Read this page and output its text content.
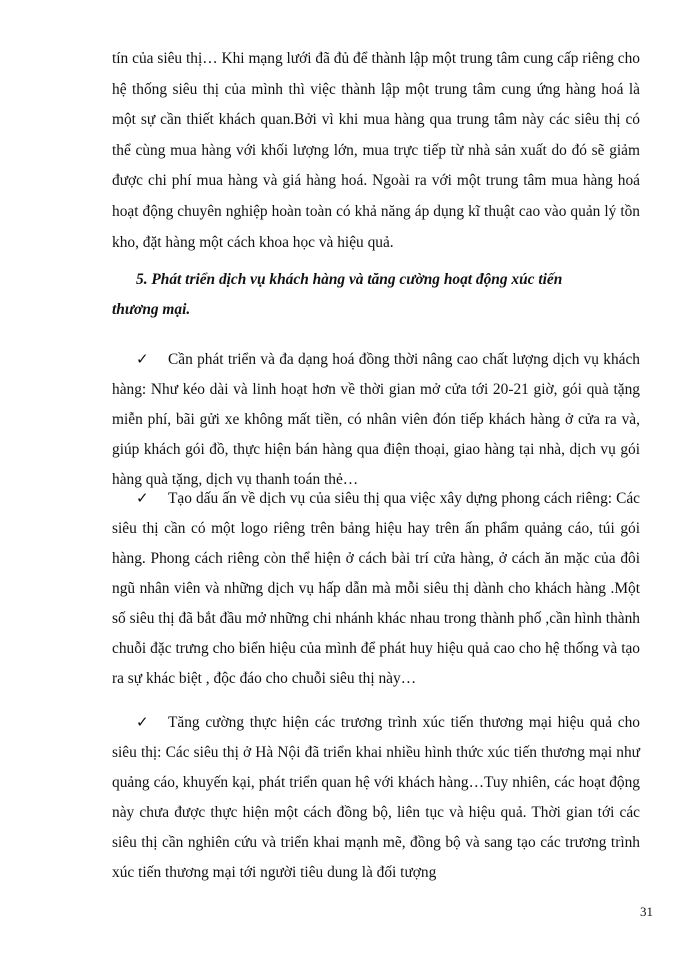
tín của siêu thị… Khi mạng lưới đã đủ để thành lập một trung tâm cung cấp riêng cho hệ thống siêu thị của mình thì việc thành lập một trung tâm cung ứng hàng hoá là một sự cần thiết khách quan.Bởi vì khi mua hàng qua trung tâm này các siêu thị có thể cùng mua hàng với khối lượng lớn, mua trực tiếp từ nhà sản xuất do đó sẽ giảm được chi phí mua hàng và giá hàng hoá. Ngoài ra với một trung tâm mua hàng hoá hoạt động chuyên nghiệp hoàn toàn có khả năng áp dụng kĩ thuật cao vào quản lý tồn kho, đặt hàng một cách khoa học và hiệu quả.
5. Phát triển dịch vụ khách hàng và tăng cường hoạt động xúc tiến thương mại.
✓ Cần phát triển và đa dạng hoá đồng thời nâng cao chất lượng dịch vụ khách hàng: Như kéo dài và linh hoạt hơn về thời gian mở cửa tới 20-21 giờ, gói quà tặng miễn phí, bãi gửi xe không mất tiền, có nhân viên đón tiếp khách hàng ở cửa ra và, giúp khách gói đồ, thực hiện bán hàng qua điện thoại, giao hàng tại nhà, dịch vụ gói hàng quà tặng, dịch vụ thanh toán thẻ…
✓ Tạo dấu ấn về dịch vụ của siêu thị qua việc xây dựng phong cách riêng: Các siêu thị cần có một logo riêng trên bảng hiệu hay trên ấn phẩm quảng cáo, túi gói hàng. Phong cách riêng còn thể hiện ở cách bài trí cửa hàng, ở cách ăn mặc của đôi ngũ nhân viên và những dịch vụ hấp dẫn mà mỗi siêu thị dành cho khách hàng .Một số siêu thị đã bắt đầu mở những chi nhánh khác nhau trong thành phố ,cần hình thành chuỗi đặc trưng cho biển hiệu của mình để phát huy hiệu quả cao cho hệ thống và tạo ra sự khác biệt , độc đáo cho chuỗi siêu thị này…
✓ Tăng cường thực hiện các trương trình xúc tiến thương mại hiệu quả cho siêu thị: Các siêu thị ở Hà Nội đã triển khai nhiều hình thức xúc tiến thương mại như quảng cáo, khuyến kại, phát triển quan hệ với khách hàng…Tuy nhiên, các hoạt động này chưa được thực hiện một cách đồng bộ, liên tục và hiệu quả. Thời gian tới các siêu thị cần nghiên cứu và triển khai mạnh mẽ, đồng bộ và sang tạo các trương trình xúc tiến thương mại tới người tiêu dung là đối tượng
31
